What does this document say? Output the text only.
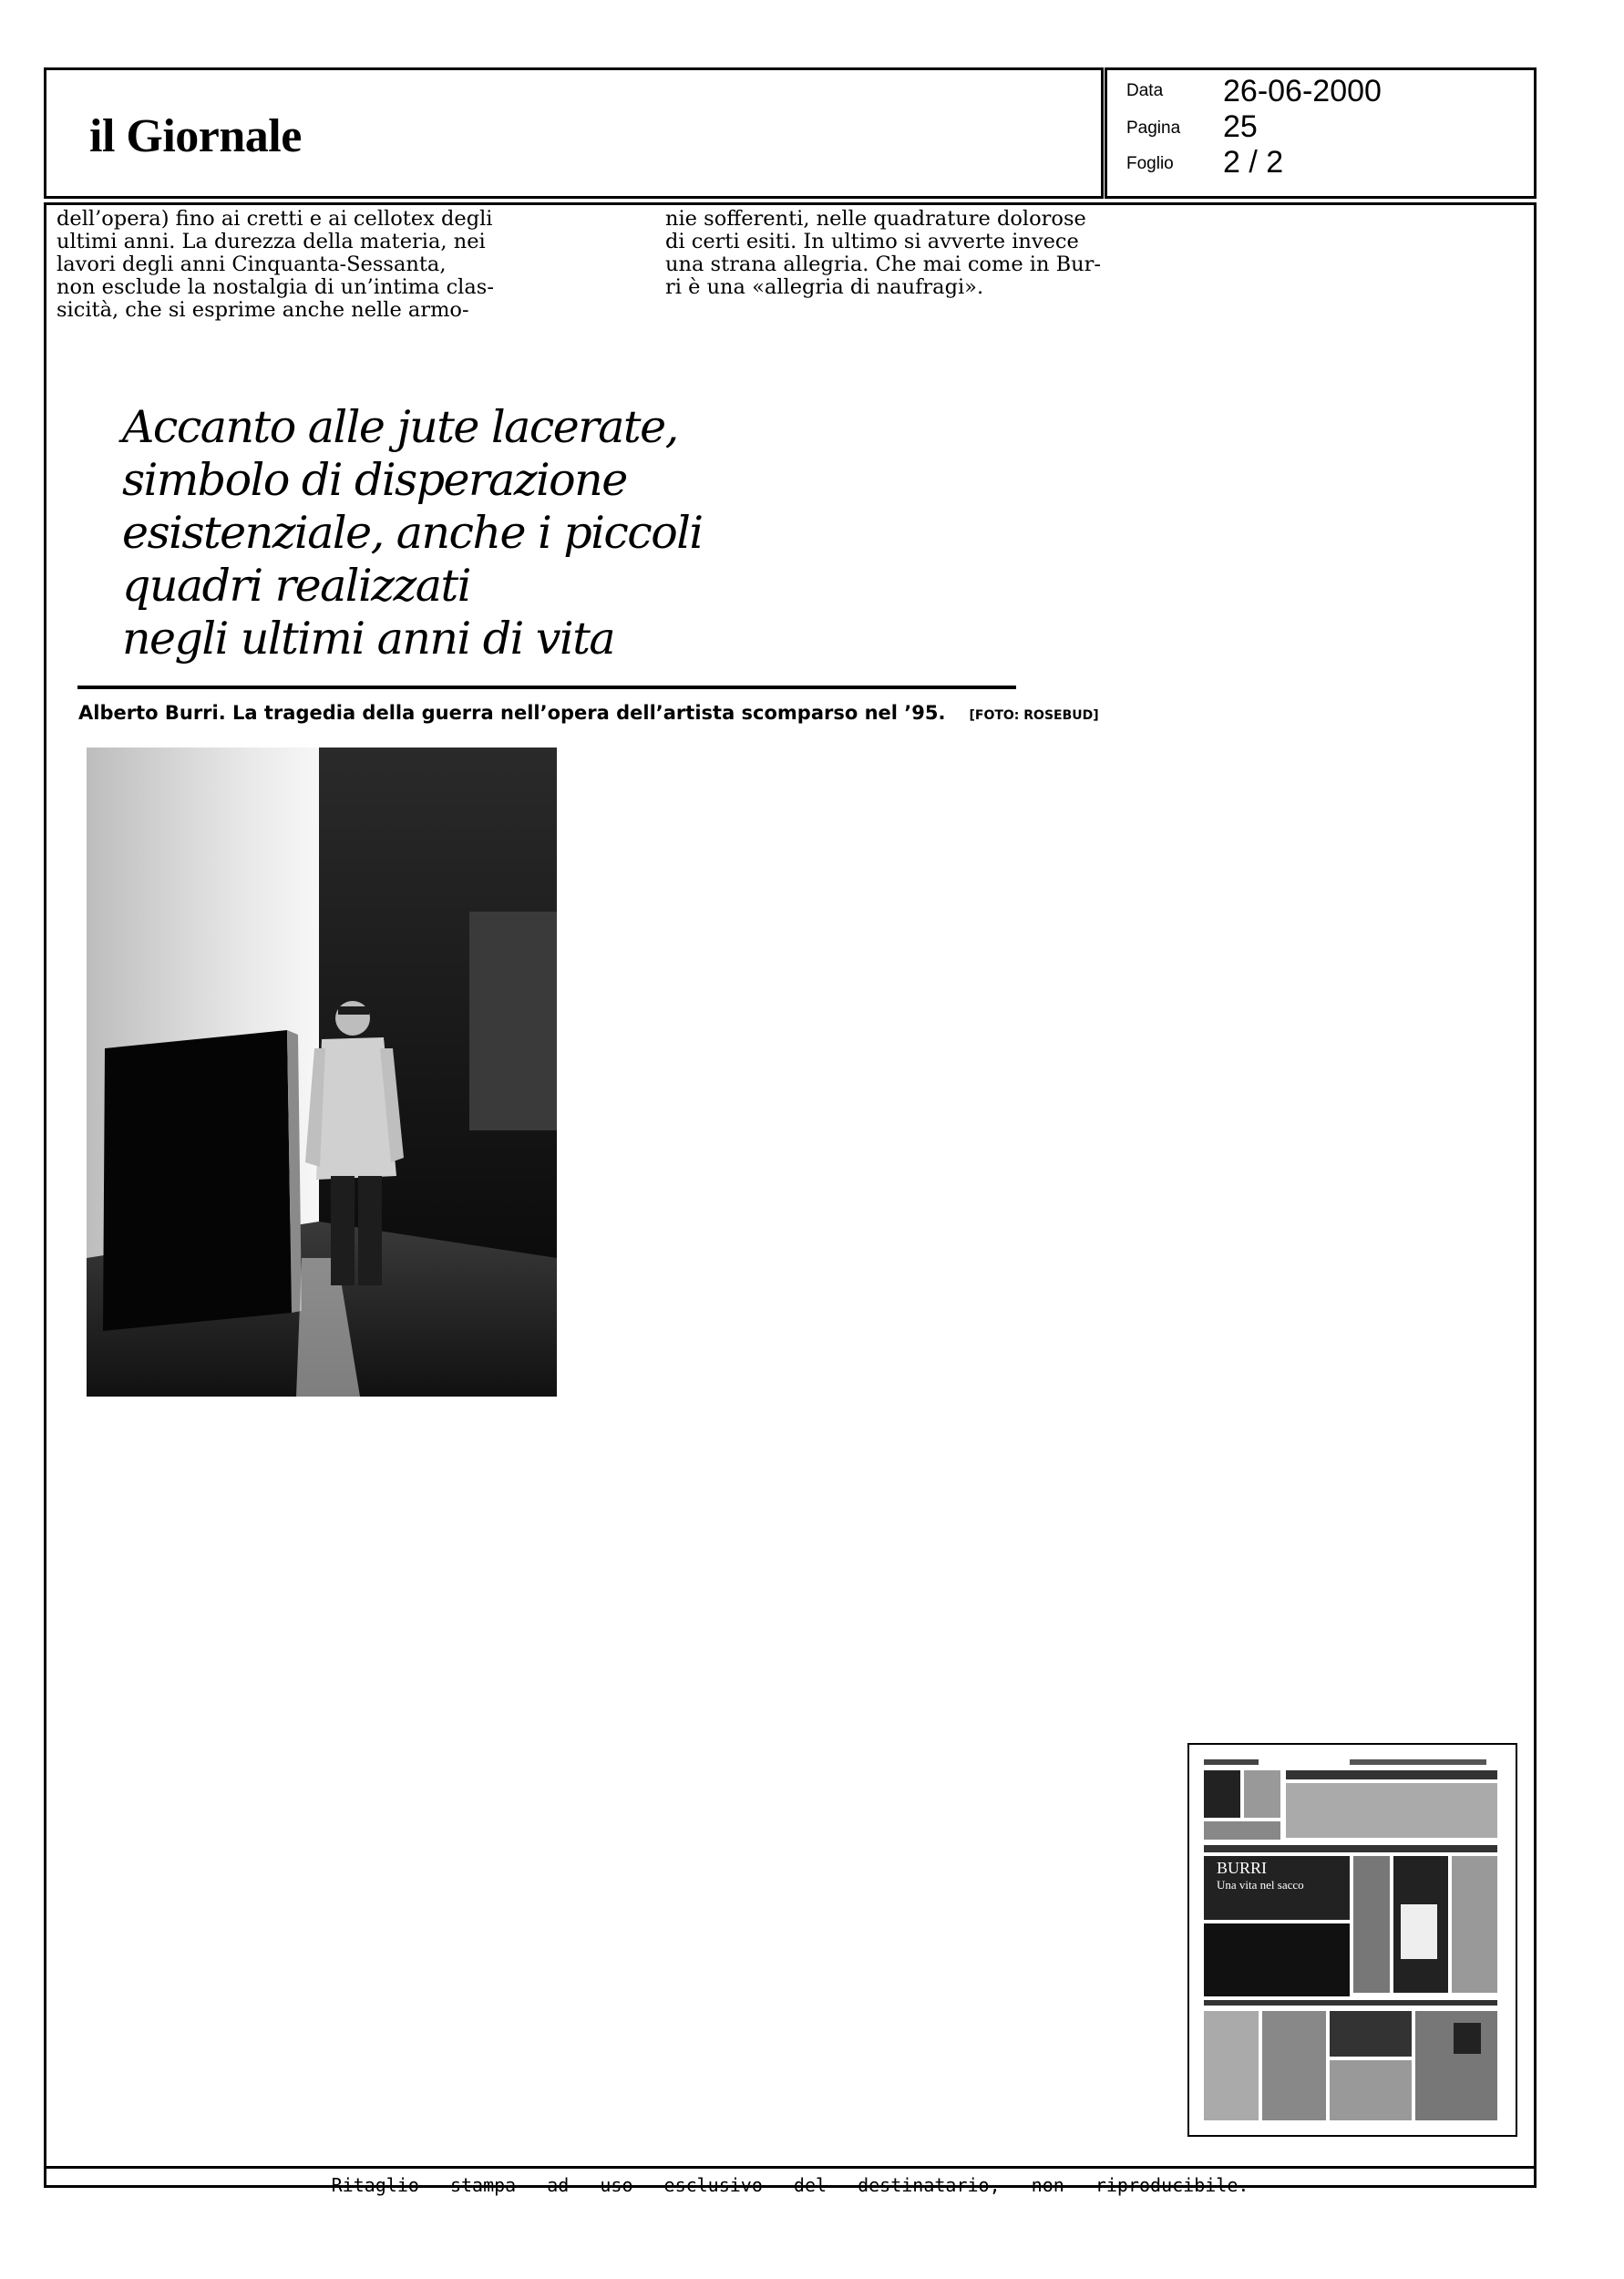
il Giornale
Data 26-06-2000
Pagina 25
Foglio 2 / 2

dell’opera) fino ai cretti e ai cellotex degli

ultimi anni. La durezza della materia, nei

lavori degli anni Cinquanta-Sessanta,

non esclude la nostalgia di un’intima clas-

sicità, che si esprime anche nelle armo-

nie sofferenti, nelle quadrature dolorose

di certi esiti. In ultimo si avverte invece

una strana allegria. Che mai come in Bur-

ri è una «allegria di naufragi».

Accanto alle jute lacerate,
simbolo di disperazione
esistenziale, anche i piccoli
quadri realizzati
negli ultimi anni di vita
Alberto Burri. La tragedia della guerra nell’opera dell’artista scomparso nel ’95. [FOTO: ROSEBUD]
BURRI
Una vita nel sacco
Ritaglio stampa ad uso esclusivo del destinatario, non riproducibile.
